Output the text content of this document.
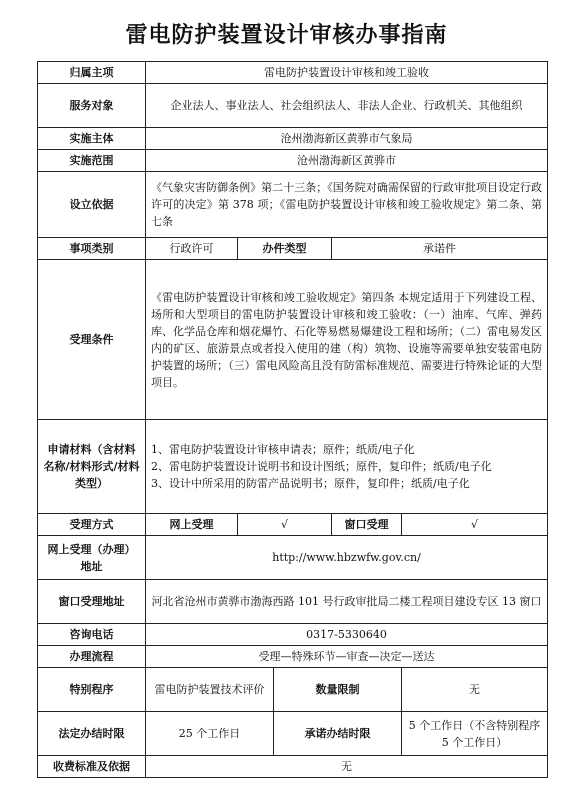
雷电防护装置设计审核办事指南
归属主项	雷电防护装置设计审核和竣工验收				
服务对象	企业法人、事业法人、社会组织法人、非法人企业、行政机关、其他组织				
实施主体	沧州渤海新区黄骅市气象局				
实施范围	沧州渤海新区黄骅市				
设立依据	《气象灾害防御条例》第二十三条；《国务院对确需保留的行政审批项目设定行政许可的决定》第 378 项；《雷电防护装置设计审核和竣工验收规定》第二条、第七条				
事项类别	行政许可	办件类型		承诺件	
受理条件	《雷电防护装置设计审核和竣工验收规定》第四条 本规定适用于下列建设工程、场所和大型项目的雷电防护装置设计审核和竣工验收：（一）油库、气库、弹药库、化学品仓库和烟花爆竹、石化等易燃易爆建设工程和场所；（二）雷电易发区内的矿区、旅游景点或者投入使用的建（构）筑物、设施等需要单独安装雷电防护装置的场所；（三）雷电风险高且没有防雷标准规范、需要进行特殊论证的大型项目。				
申请材料（含材料名称/材料形式/材料类型）	1、雷电防护装置设计审核申请表；原件；纸质/电子化
2、雷电防护装置设计说明书和设计图纸；原件，复印件；纸质/电子化
3、设计中所采用的防雷产品说明书；原件，复印件；纸质/电子化				

受理方式	网上受理	√		窗口受理	√
网上受理（办理）地址	http://www.hbzwfw.gov.cn/				
窗口受理地址	河北省沧州市黄骅市渤海西路 101 号行政审批局二楼工程项目建设专区 13 窗口				
咨询电话	0317-5330640				
办理流程	受理—特殊环节—审查—决定—送达				
特别程序	雷电防护装置技术评价		数量限制		无
法定办结时限	25 个工作日		承诺办结时限		5 个工作日（不含特别程序 5 个工作日）
收费标准及依据	无				
